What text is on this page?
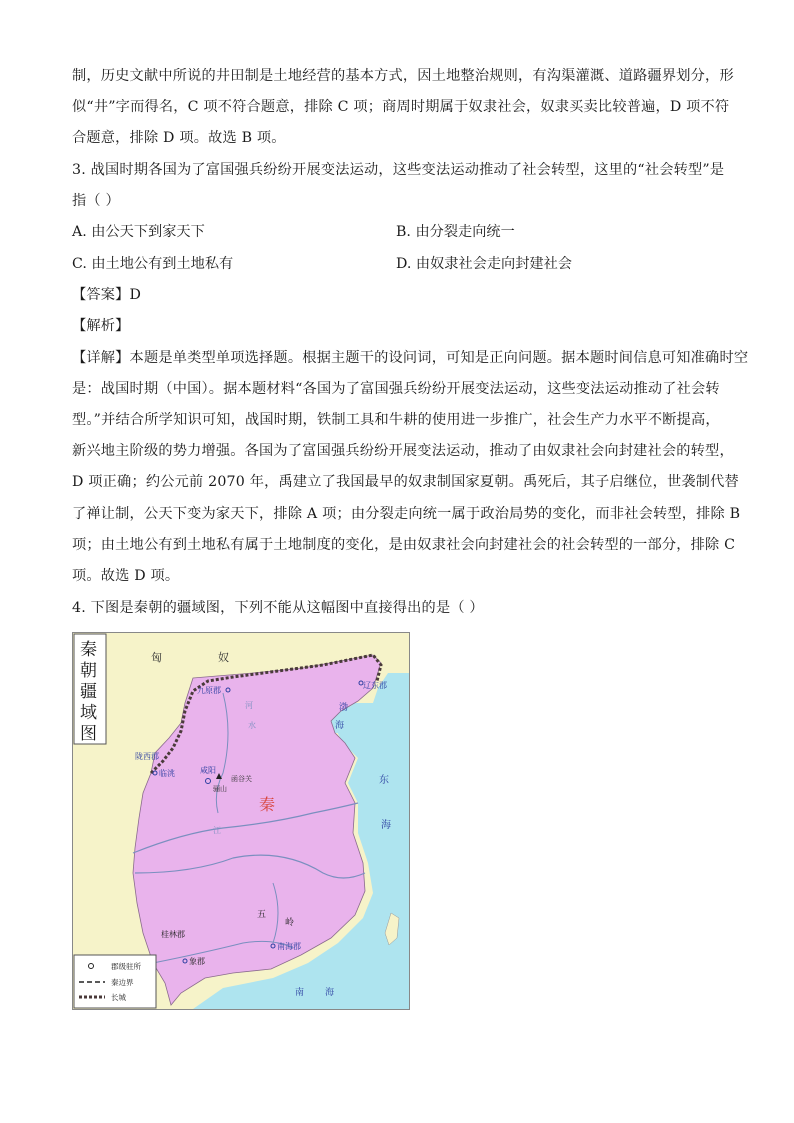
制，历史文献中所说的井田制是土地经营的基本方式，因土地整治规则，有沟渠灌溉、道路疆界划分，形
似“井”字而得名，C 项不符合题意，排除 C 项；商周时期属于奴隶社会，奴隶买卖比较普遍，D 项不符
合题意，排除 D 项。故选 B 项。
3. 战国时期各国为了富国强兵纷纷开展变法运动，这些变法运动推动了社会转型，这里的“社会转型”是
指（ ）
A. 由公天下到家天下	B. 由分裂走向统一
C. 由土地公有到土地私有	D. 由奴隶社会走向封建社会
【答案】D
【解析】
【详解】本题是单类型单项选择题。根据主题干的设问词，可知是正向问题。据本题时间信息可知准确时空
是：战国时期（中国）。据本题材料“各国为了富国强兵纷纷开展变法运动，这些变法运动推动了社会转
型。”并结合所学知识可知，战国时期，铁制工具和牛耕的使用进一步推广，社会生产力水平不断提高，
新兴地主阶级的势力增强。各国为了富国强兵纷纷开展变法运动，推动了由奴隶社会向封建社会的转型，
D 项正确；约公元前 2070 年，禹建立了我国最早的奴隶制国家夏朝。禹死后，其子启继位，世袭制代替
了禅让制，公天下变为家天下，排除 A 项；由分裂走向统一属于政治局势的变化，而非社会转型，排除 B
项；由土地公有到土地私有属于土地制度的变化，是由奴隶社会向封建社会的社会转型的一部分，排除 C
项。故选 D 项。
4. 下图是秦朝的疆域图，下列不能从这幅图中直接得出的是（ ）
秦
朝
疆
域
图
匈	奴
九原郡
辽东郡
渤
海
陇西郡
临洮	咸阳
骊山
函谷关
秦
东
海
河
水
江
桂林郡
五
岭
南海郡
象郡
南 海
郡级驻所
秦边界
长城
